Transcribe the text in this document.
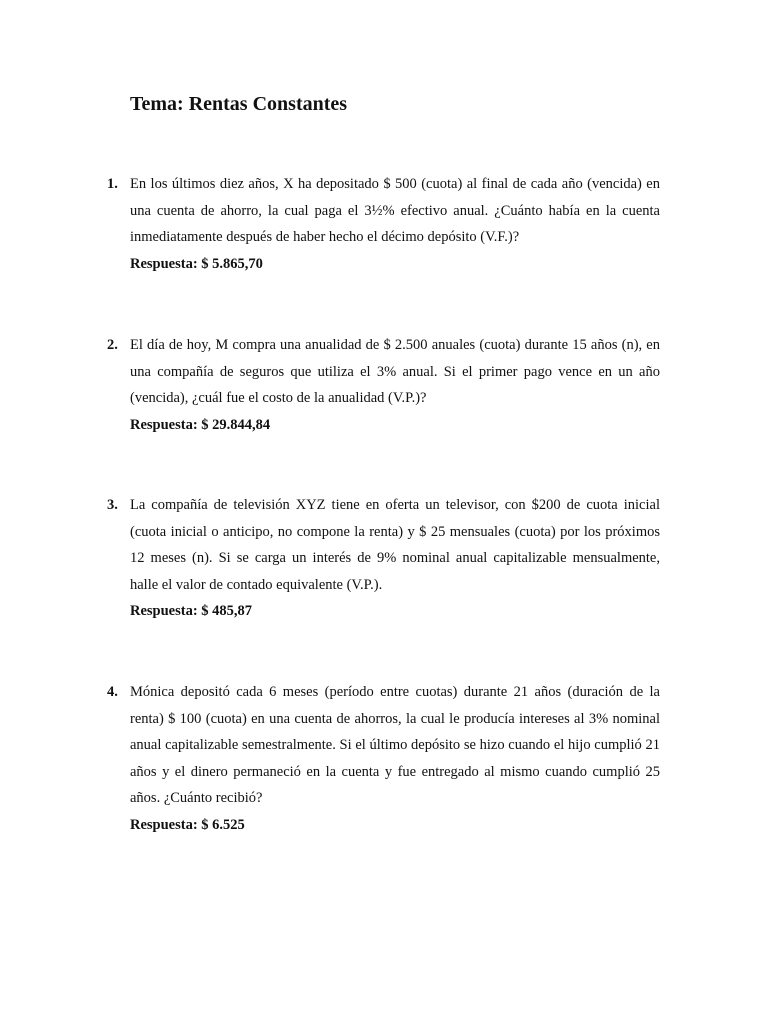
Tema: Rentas Constantes
1. En los últimos diez años, X ha depositado $ 500 (cuota) al final de cada año (vencida) en una cuenta de ahorro, la cual paga el 3½% efectivo anual. ¿Cuánto había en la cuenta inmediatamente después de haber hecho el décimo depósito (V.F.)?
Respuesta: $ 5.865,70

2. El día de hoy, M compra una anualidad de $ 2.500 anuales (cuota) durante 15 años (n), en una compañía de seguros que utiliza el 3% anual. Si el primer pago vence en un año (vencida), ¿cuál fue el costo de la anualidad (V.P.)?
Respuesta: $ 29.844,84

3. La compañía de televisión XYZ tiene en oferta un televisor, con $200 de cuota inicial (cuota inicial o anticipo, no compone la renta) y $ 25 mensuales (cuota) por los próximos 12 meses (n). Si se carga un interés de 9% nominal anual capitalizable mensualmente, halle el valor de contado equivalente (V.P.).
Respuesta: $ 485,87

4. Mónica depositó cada 6 meses (período entre cuotas) durante 21 años (duración de la renta) $ 100 (cuota) en una cuenta de ahorros, la cual le producía intereses al 3% nominal anual capitalizable semestralmente. Si el último depósito se hizo cuando el hijo cumplió 21 años y el dinero permaneció en la cuenta y fue entregado al mismo cuando cumplió 25 años. ¿Cuánto recibió?
Respuesta: $ 6.525
